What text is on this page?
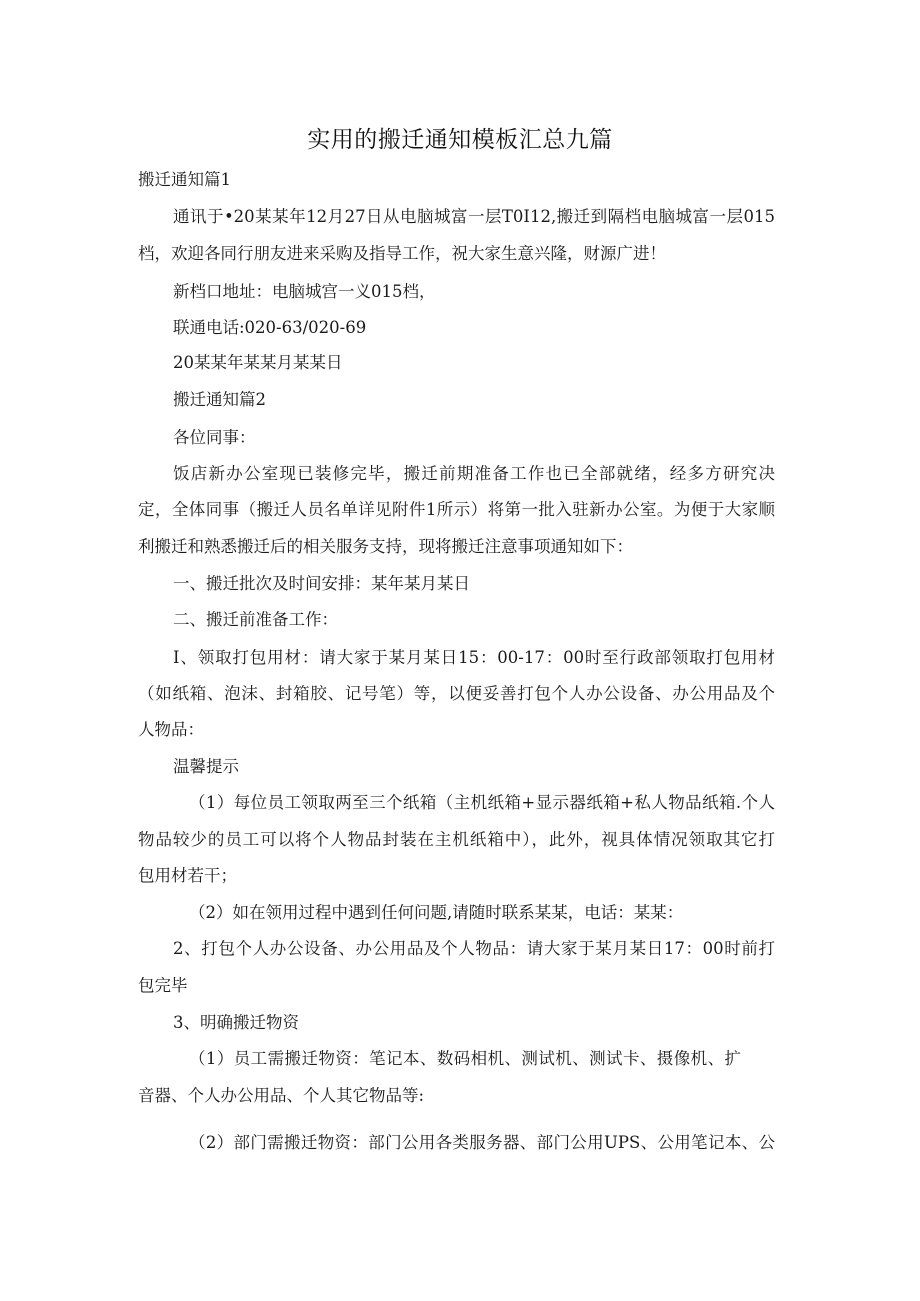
实用的搬迁通知模板汇总九篇

搬迁通知篇1

通讯于•20某某年12月27日从电脑城富一层T0I12,搬迁到隔档电脑城富一层015

档，欢迎各同行朋友进来采购及指导工作，祝大家生意兴隆，财源广进！

新档口地址：电脑城宫一义015档，

联通电话:020-63/020-69

20某某年某某月某某日

搬迁通知篇2

各位同事：

饭店新办公室现已装修完毕，搬迁前期准备工作也已全部就绪，经多方研究决

定，全体同事（搬迁人员名单详见附件1所示）将第一批入驻新办公室。为便于大家顺

利搬迁和熟悉搬迁后的相关服务支持，现将搬迁注意事项通知如下：

一、搬迁批次及时间安排：某年某月某日

二、搬迁前准备工作：

I、领取打包用材：请大家于某月某日15：00-17：00时至行政部领取打包用材

（如纸箱、泡沫、封箱胶、记号笔）等，以便妥善打包个人办公设备、办公用品及个

人物品：

温馨提示

（1）每位员工领取两至三个纸箱（主机纸箱+显示器纸箱+私人物品纸箱.个人

物品较少的员工可以将个人物品封装在主机纸箱中），此外，视具体情况领取其它打

包用材若干；

（2）如在领用过程中遇到任何问题,请随时联系某某，电话：某某：

2、打包个人办公设备、办公用品及个人物品：请大家于某月某日17：00时前打

包完毕

3、明确搬迁物资

（1）员工需搬迁物资：笔记本、数码相机、测试机、测试卡、摄像机、扩

音器、个人办公用品、个人其它物品等:

（2）部门需搬迁物资：部门公用各类服务器、部门公用UPS、公用笔记本、公
